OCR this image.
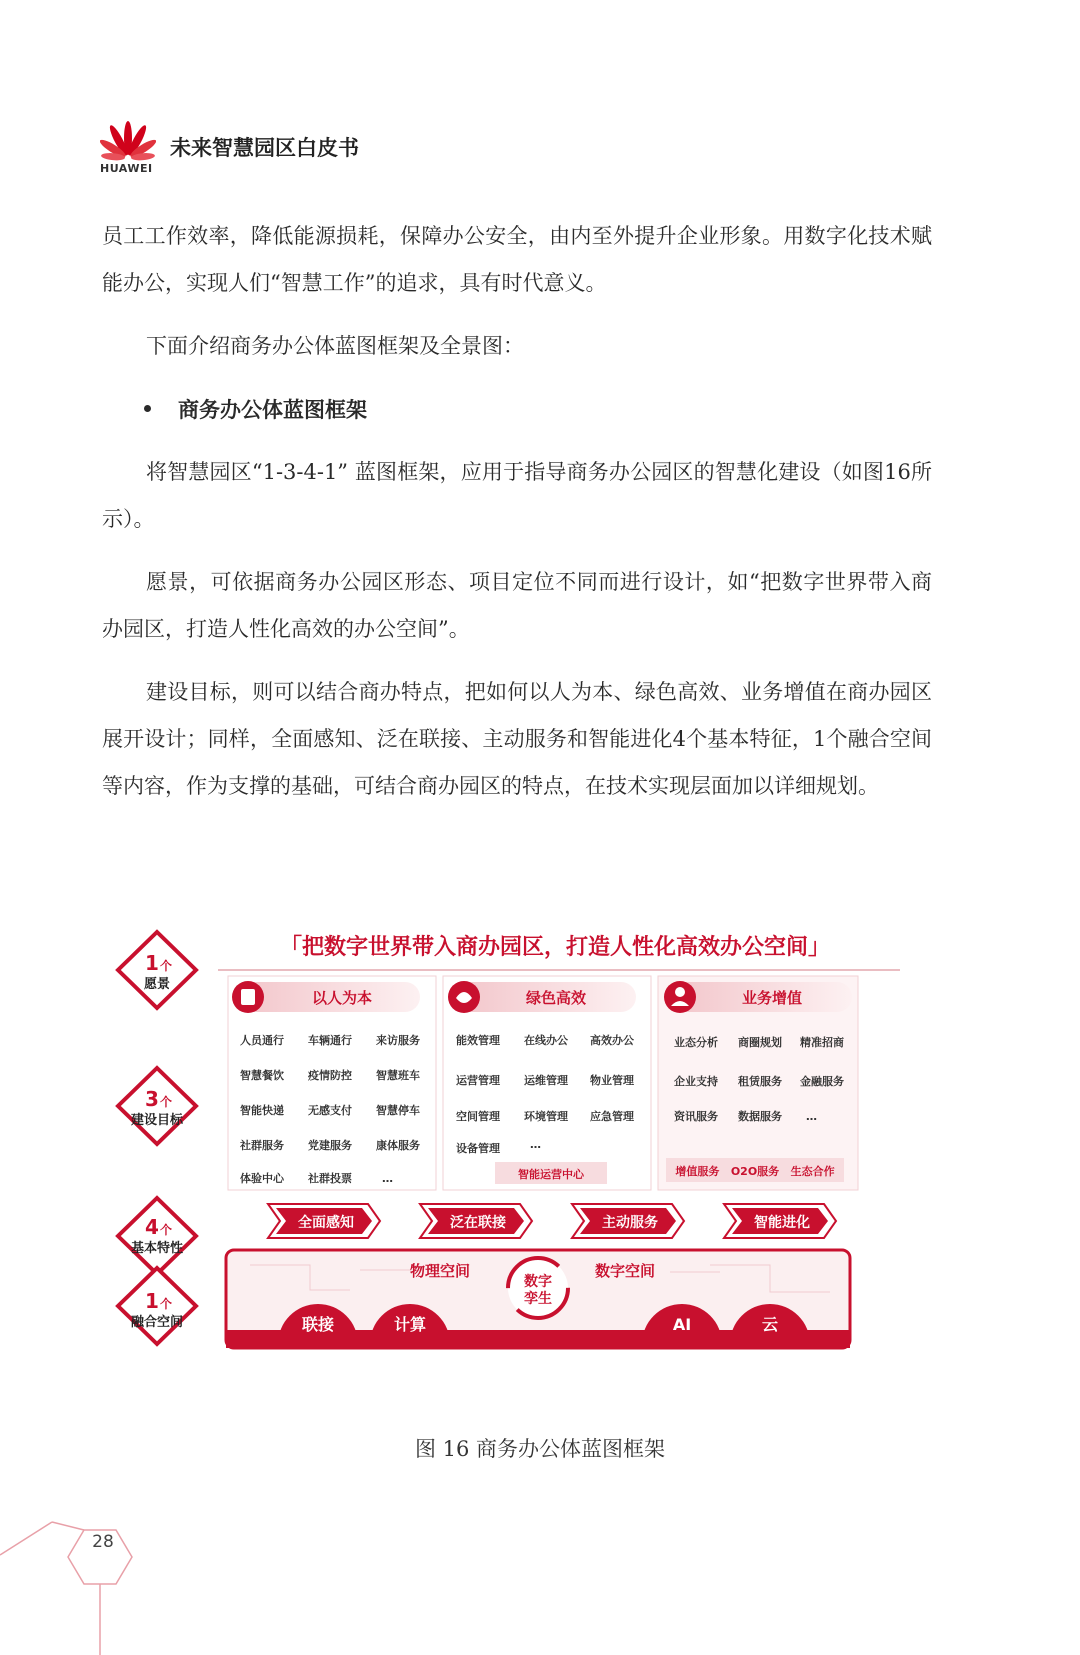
HUAWEI
未来智慧园区白皮书

员工工作效率，降低能源损耗，保障办公安全，由内至外提升企业形象。用数字化技术赋能办公，实现人们“智慧工作”的追求，具有时代意义。

下面介绍商务办公体蓝图框架及全景图：

商务办公体蓝图框架

将智慧园区“1-3-4-1” 蓝图框架，应用于指导商务办公园区的智慧化建设（如图16所示）。

愿景，可依据商务办公园区形态、项目定位不同而进行设计，如“把数字世界带入商办园区，打造人性化高效的办公空间”。

建设目标，则可以结合商办特点，把如何以人为本、绿色高效、业务增值在商办园区展开设计；同样，全面感知、泛在联接、主动服务和智能进化4个基本特征，1个融合空间等内容，作为支撑的基础，可结合商办园区的特点，在技术实现层面加以详细规划。

1 个
愿景
3 个
建设目标
4 个
基本特性
1 个
融合空间
「把数字世界带入商办园区，打造人性化高效办公空间」
以人为本	绿色高效	业务增值
人员通行 车辆通行 来访服务
智慧餐饮 疫情防控 智慧班车
智能快递 无感支付 智慧停车
社群服务 党建服务 康体服务
体验中心 社群投票	…
能效管理 在线办公 高效办公
运营管理 运维管理 物业管理
空间管理 环境管理 应急管理
设备管理	…
业态分析 商圈规划 精准招商
企业支持 租赁服务 金融服务
资讯服务 数据服务 …
智能运营中心	增值服务   O2O服务   生态合作
全面感知	泛在联接	主动服务	智能进化
物理空间	数字空间
数字
孪生
联接	计算	AI	云
图 16 商务办公体蓝图框架
28
